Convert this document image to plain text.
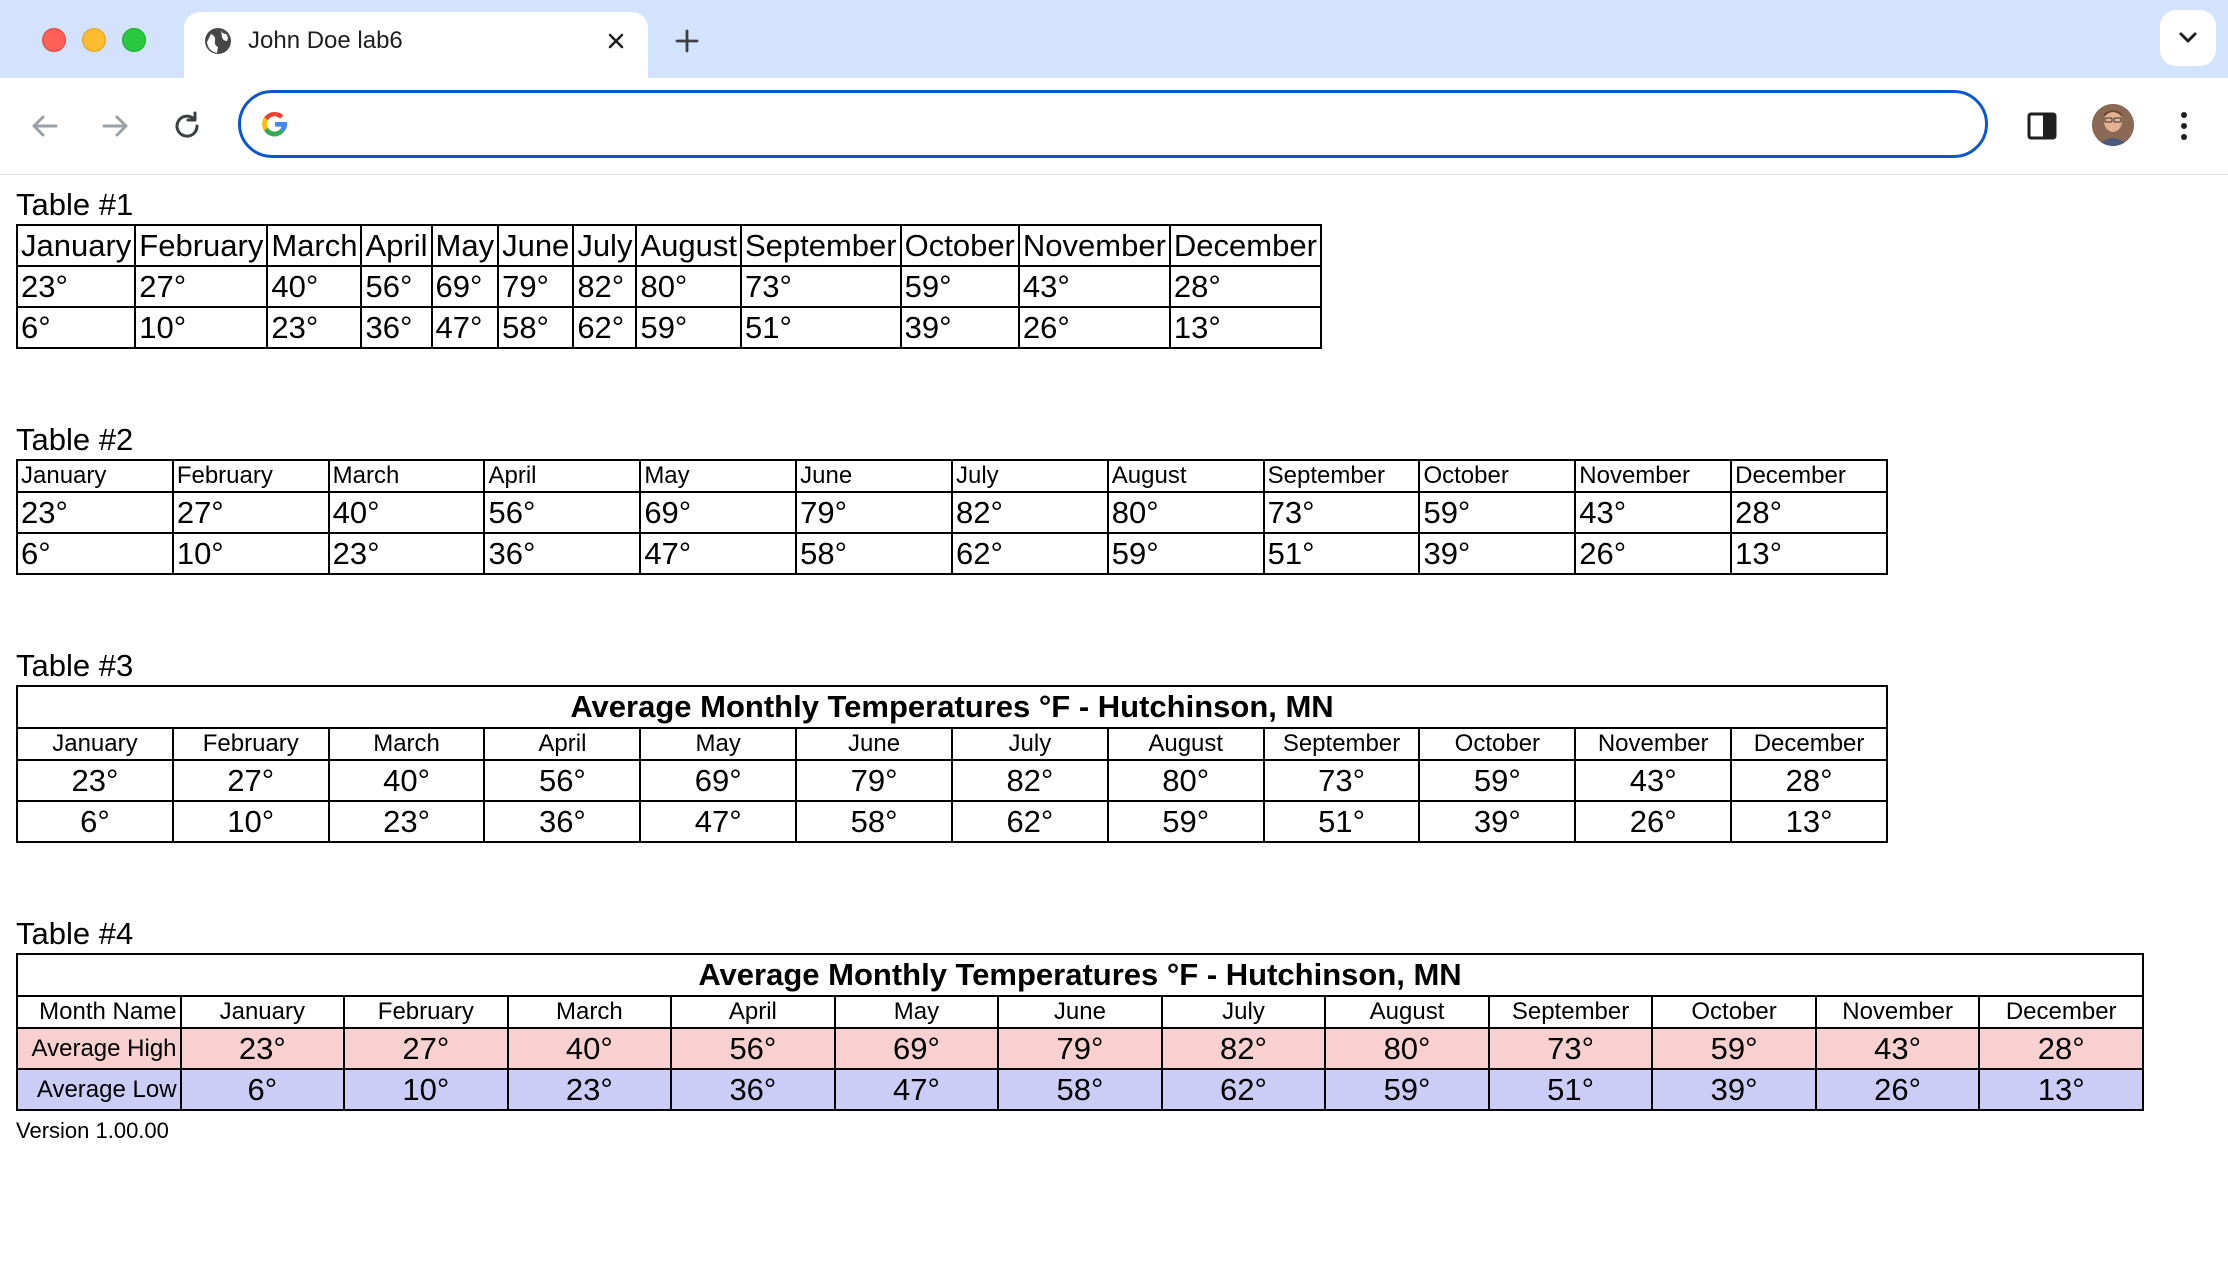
John Doe lab6
Table #1
January	February	March	April	May	June	July	August	September	October	November	December
23°	27°	40°	56°	69°	79°	82°	80°	73°	59°	43°	28°
6°	10°	23°	36°	47°	58°	62°	59°	51°	39°	26°	13°
Table #2
January	February	March	April	May	June	July	August	September	October	November	December
23°	27°	40°	56°	69°	79°	82°	80°	73°	59°	43°	28°
6°	10°	23°	36°	47°	58°	62°	59°	51°	39°	26°	13°
Table #3
Average Monthly Temperatures °F - Hutchinson, MN											
January	February	March	April	May	June	July	August	September	October	November	December
23°	27°	40°	56°	69°	79°	82°	80°	73°	59°	43°	28°
6°	10°	23°	36°	47°	58°	62°	59°	51°	39°	26°	13°
Table #4
Average Monthly Temperatures °F - Hutchinson, MN												
Month Name	January	February	March	April	May	June	July	August	September	October	November	December
Average High	23°	27°	40°	56°	69°	79°	82°	80°	73°	59°	43°	28°
Average Low	6°	10°	23°	36°	47°	58°	62°	59°	51°	39°	26°	13°
Version 1.00.00
